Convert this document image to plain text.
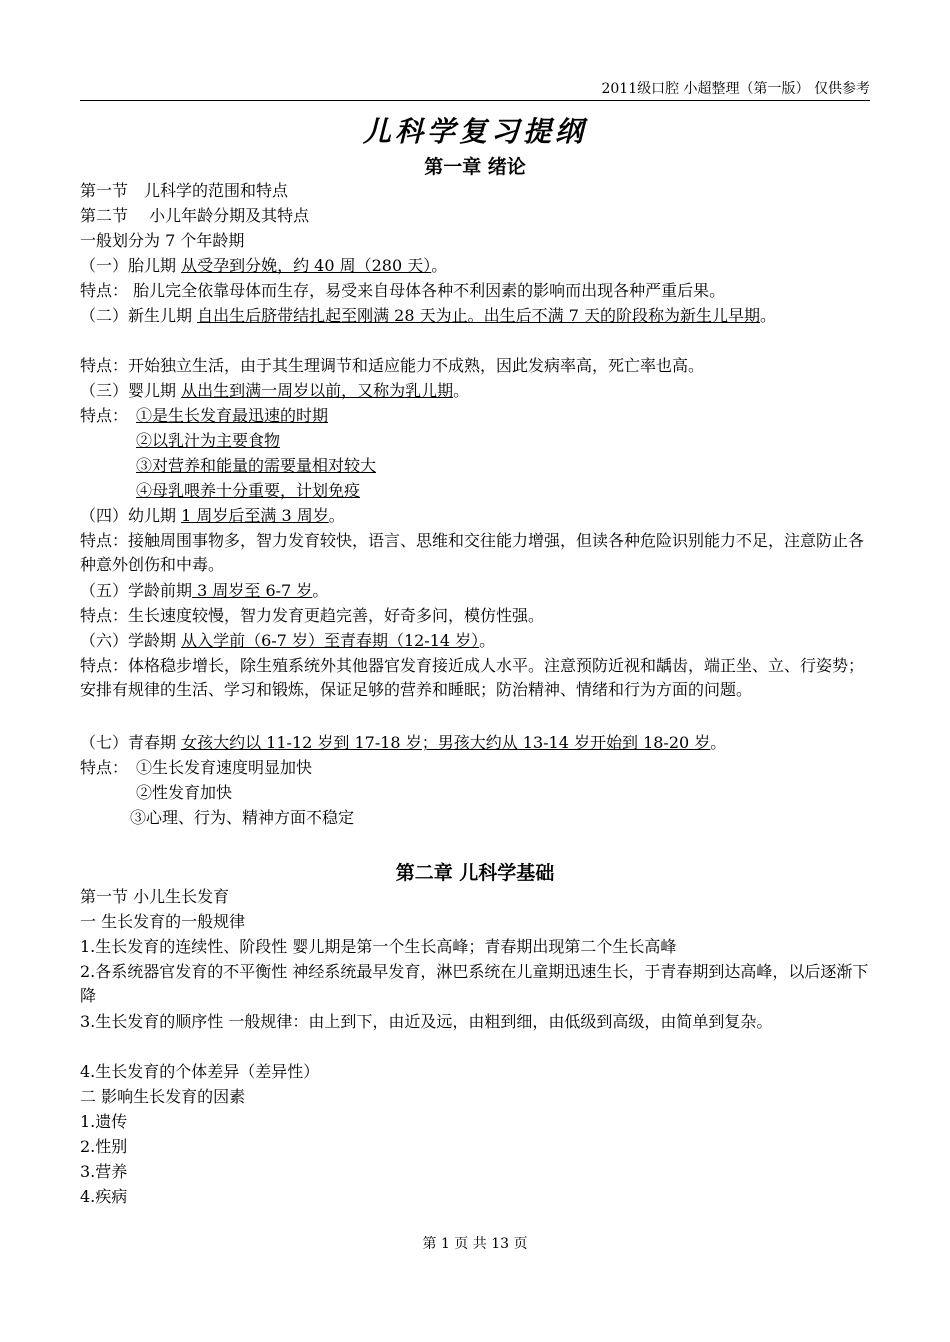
2011级口腔 小超整理（第一版） 仅供参考
儿科学复习提纲
第一章 绪论
第一节　儿科学的范围和特点
第二节　 小儿年龄分期及其特点
一般划分为 7 个年龄期
（一）胎儿期 从受孕到分娩，约 40 周（280 天）。
特点： 胎儿完全依靠母体而生存，易受来自母体各种不利因素的影响而出现各种严重后果。
（二）新生儿期 自出生后脐带结扎起至刚满 28 天为止。出生后不满 7 天的阶段称为新生儿早期。
特点：开始独立生活，由于其生理调节和适应能力不成熟，因此发病率高，死亡率也高。
（三）婴儿期 从出生到满一周岁以前，又称为乳儿期。
特点： ①是生长发育最迅速的时期
②以乳汁为主要食物
③对营养和能量的需要量相对较大
④母乳喂养十分重要，计划免疫
（四）幼儿期 1 周岁后至满 3 周岁。
特点：接触周围事物多，智力发育较快，语言、思维和交往能力增强，但读各种危险识别能力不足，注意防止各种意外创伤和中毒。
（五）学龄前期 3 周岁至 6-7 岁。
特点：生长速度较慢，智力发育更趋完善，好奇多问，模仿性强。
（六）学龄期 从入学前（6-7 岁）至青春期（12-14 岁）。
特点：体格稳步增长，除生殖系统外其他器官发育接近成人水平。注意预防近视和龋齿，端正坐、立、行姿势；安排有规律的生活、学习和锻炼，保证足够的营养和睡眠；防治精神、情绪和行为方面的问题。
（七）青春期 女孩大约以 11-12 岁到 17-18 岁；男孩大约从 13-14 岁开始到 18-20 岁。
特点： ①生长发育速度明显加快
②性发育加快
③心理、行为、精神方面不稳定
第二章 儿科学基础
第一节 小儿生长发育
一 生长发育的一般规律
1.生长发育的连续性、阶段性 婴儿期是第一个生长高峰；青春期出现第二个生长高峰
2.各系统器官发育的不平衡性 神经系统最早发育，淋巴系统在儿童期迅速生长，于青春期到达高峰，以后逐渐下降
3.生长发育的顺序性 一般规律：由上到下，由近及远，由粗到细，由低级到高级，由简单到复杂。
4.生长发育的个体差异（差异性）
二 影响生长发育的因素
1.遗传
2.性别
3.营养
4.疾病
第 1 页 共 13 页
